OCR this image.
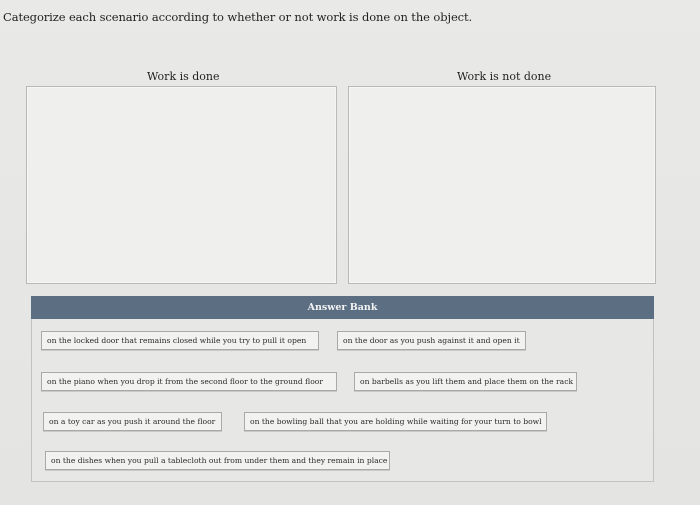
Categorize each scenario according to whether or not work is done on the object.
Work is done	Work is not done
Answer Bank
on the locked door that remains closed while you try to pull it open	on the door as you push against it and open it
on the piano when you drop it from the second floor to the ground floor	on barbells as you lift them and place them on the rack
on a toy car as you push it around the floor	on the bowling ball that you are holding while waiting for your turn to bowl
on the dishes when you pull a tablecloth out from under them and they remain in place
